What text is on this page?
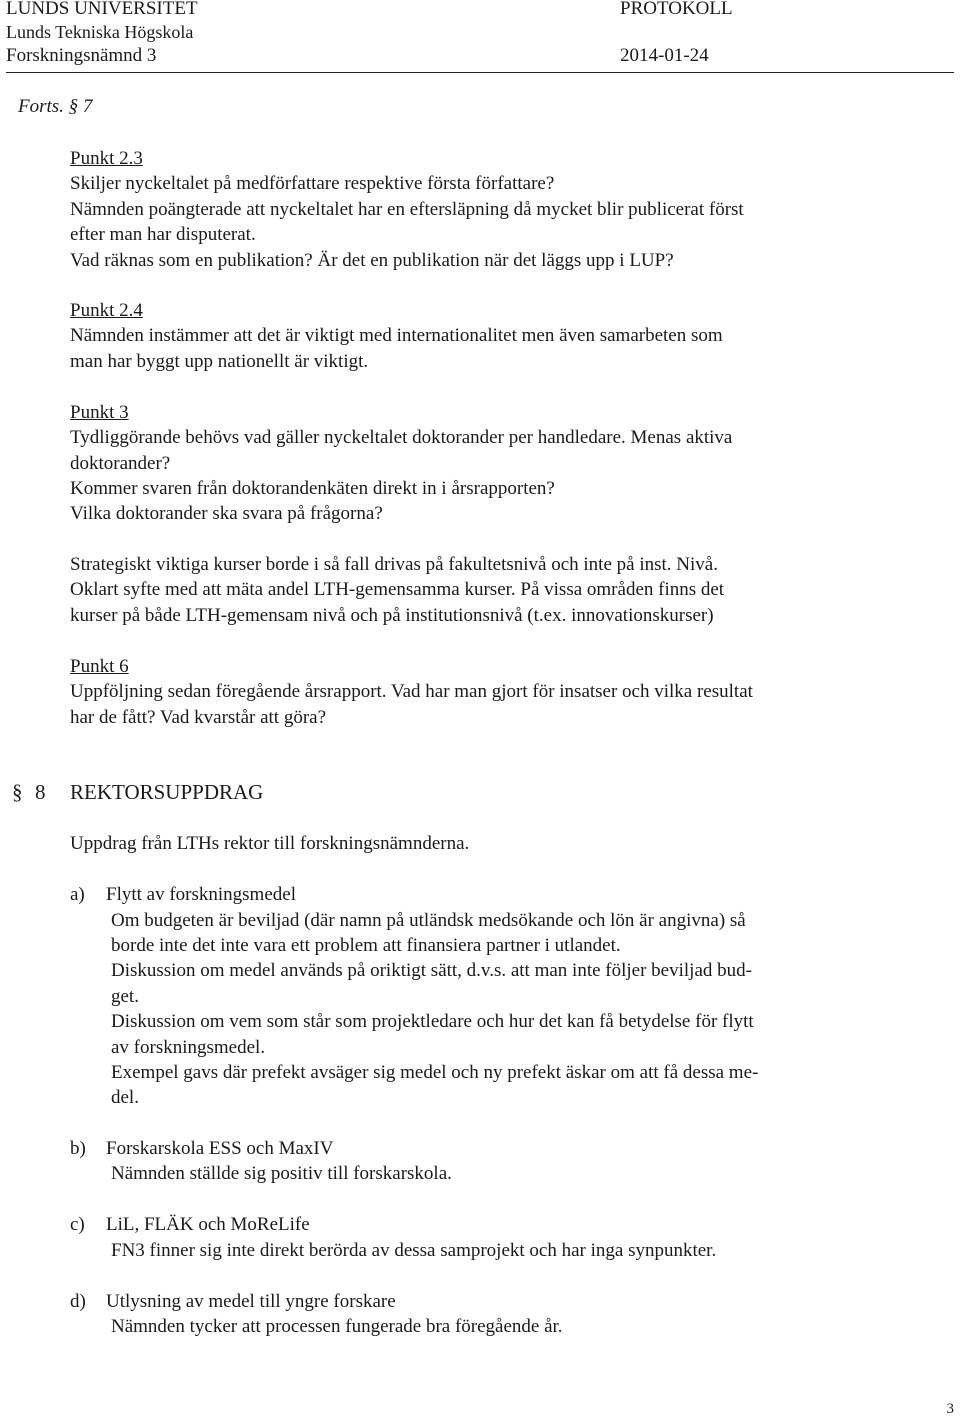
LUNDS UNIVERSITET
Lunds Tekniska Högskola
Forskningsnämnd 3
PROTOKOLL
2014-01-24
Forts. § 7
Punkt 2.3
Skiljer nyckeltalet på medförfattare respektive första författare?
Nämnden poängterade att nyckeltalet har en eftersläpning då mycket blir publicerat först
efter man har disputerat.
Vad räknas som en publikation? Är det en publikation när det läggs upp i LUP?
Punkt 2.4
Nämnden instämmer att det är viktigt med internationalitet men även samarbeten som
man har byggt upp nationellt är viktigt.
Punkt 3
Tydliggörande behövs vad gäller nyckeltalet doktorander per handledare. Menas aktiva
doktorander?
Kommer svaren från doktorandenkäten direkt in i årsrapporten?
Vilka doktorander ska svara på frågorna?
Strategiskt viktiga kurser borde i så fall drivas på fakultetsnivå och inte på inst. Nivå.
Oklart syfte med att mäta andel LTH-gemensamma kurser. På vissa områden finns det
kurser på både LTH-gemensam nivå och på institutionsnivå (t.ex. innovationskurser)
Punkt 6
Uppföljning sedan föregående årsrapport. Vad har man gjort för insatser och vilka resultat
har de fått? Vad kvarstår att göra?
§ 8 REKTORSUPPDRAG
Uppdrag från LTHs rektor till forskningsnämnderna.
a) Flytt av forskningsmedel
Om budgeten är beviljad (där namn på utländsk medsökande och lön är angivna) så
borde inte det inte vara ett problem att finansiera partner i utlandet.
Diskussion om medel används på oriktigt sätt, d.v.s. att man inte följer beviljad bud-
get.
Diskussion om vem som står som projektledare och hur det kan få betydelse för flytt
av forskningsmedel.
Exempel gavs där prefekt avsäger sig medel och ny prefekt äskar om att få dessa me-
del.
b) Forskarskola ESS och MaxIV
Nämnden ställde sig positiv till forskarskola.
c) LiL, FLÄK och MoReLife
FN3 finner sig inte direkt berörda av dessa samprojekt och har inga synpunkter.
d) Utlysning av medel till yngre forskare
Nämnden tycker att processen fungerade bra föregående år.
3
